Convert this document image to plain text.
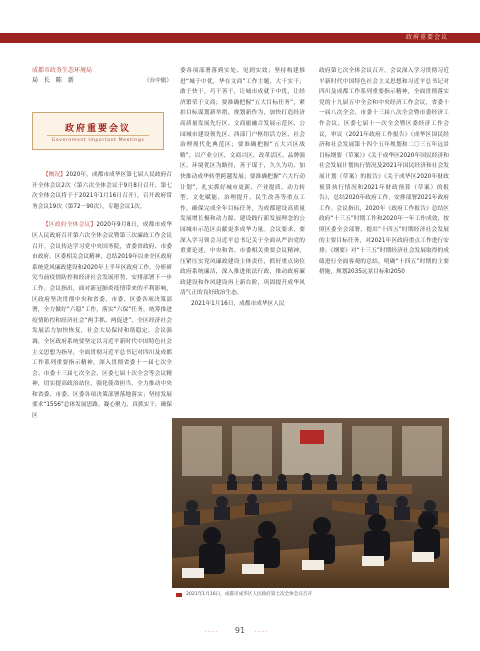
政府重要会议

成都市政务生态环境局

局 长 陈 新	（台中旅）

政府重要会议
Government Important Meetings

【概况】2020年，成都市成华区第七届人民政府召开全体会议2次（第六次全体会议于9月8日召开、第七次全体会议将于于2021年1月16日召开），召开政府常务会议19次（第72－90次），专题会议1次。

【区政府全体会议】2020年9月8日，成都市成华区人民政府召开第六次全体会议暨第三次廉政工作会议召开。会议传达学习党中央国务院，省委省政府、市委市政府、区委相关会议精神，总结2019年以来全区政府系统党风廉政建设和2020年上半年区政府工作，分析研究当前疫情防控和经济社会发展形势，安排部署下一步工作。会议指出，面对新冠肺炎疫情带来的不利影响，区政府坚决贯彻中央和省委、市委、区委各项决策部署，全力做好“六稳”工作，落实“六保”任务，统筹推进疫情防控和经济社会“两手抓、两促进”，全区经济社会发展活力加快恢复，社会大局保持和谐稳定。会议强调，全区政府系统要坚定以习近平新时代中国特色社会主义思想为指导，全面贯彻习近平总书记对四川及成都工作系列重要指示精神，深入贯彻省委十一届七次全会、市委十三届七次全会、区委七届十次全会等会议精神，切实提高政治站位，强化使命担当，全力推动中央和省委、市委、区委各项决策部署落地落实；坚持发展要求“1556”总体发展思路，凝心聚力、真抓实干，确保区

委各项部署落到实处、见到实效；坚持构建推进“城于中优，华在文商”工作主题，大干实干，敢于快干，巧干善干，让城市成就于中优，让经济繁荣于文商；要准确把握“五大目标任务”，紧扣目标谋划新举措、规划新作为，加快打造经济高质量发展先行区、文商旅融合发展示范区、公园城市建设领先区、西部门户枢纽活力区、社会治理现代化典范区；要准确把握“五大兴区战略”，以产业立区、文商兴区、改革活区、品牌强区、环境优区为路径，善于谋于，久久为功，加快推动成华转型跨越发展；要准确把握“六大行动计划”，扎实抓好城市更新、产业提质、动力转型、文化赋能、治理提升、民生改善等重点工作，确保完成全年目标任务，为成都建设高质量发展增长极和动力源、建设践行新发展理念的公园城市示范区贡献更多成华力量。会议要求，要深入学习领会习近平总书记关于全面从严治党的重要论述，中央和省、市委相关重要会议精神，压紧压实党风廉政建设主体责任，抓好重点岗位政府系统廉洁，深入推进依法行政，推动政府廉政建设和作风建设再上新台阶，巩固提升成华风清气正的良好政治生态。

2021年1月16日，成都市成华区人民

政府第七次全体会议召开。会议深入学习贯彻习近平新时代中国特色社会主义思想和习近平总书记对四川及成都工作系列重要指示精神，全面贯彻落实党的十九届五中全会和中央经济工作会议，省委十一届八次全会、市委十三届八次全会暨市委经济工作会议、区委七届十一次全会暨区委经济工作会议，审议《2021年政府工作报告》《成华区国民经济和社会发展第十四个五年规划和二〇三五年远景目标纲要（草案）》《关于成华区2020年国民经济和社会发展计划执行情况及2021年国民经济和社会发展计划（草案）的报告》《关于成华区2020年财政预算执行情况和2021年财政预算（草案）的报告》，总结2020年政府工作，安排部署2021年政府工作。会议指出，2020年《政府工作报告》总结区政府“十三五”时期工作和2020年一年工作成效，按照区委全会部署，提出“十四五”时期经济社会发展的主要目标任务，对2021年区政府重点工作进行安排；《纲要》对“十三五”时期经济社会发展取得的成绩进行全面客观的总结，明确“十四五”时期的主要措施，规划2035远景目标和2050

2021年1月16日，成都市成华区人民政府第七次全体会议召开
·····	91	·····
